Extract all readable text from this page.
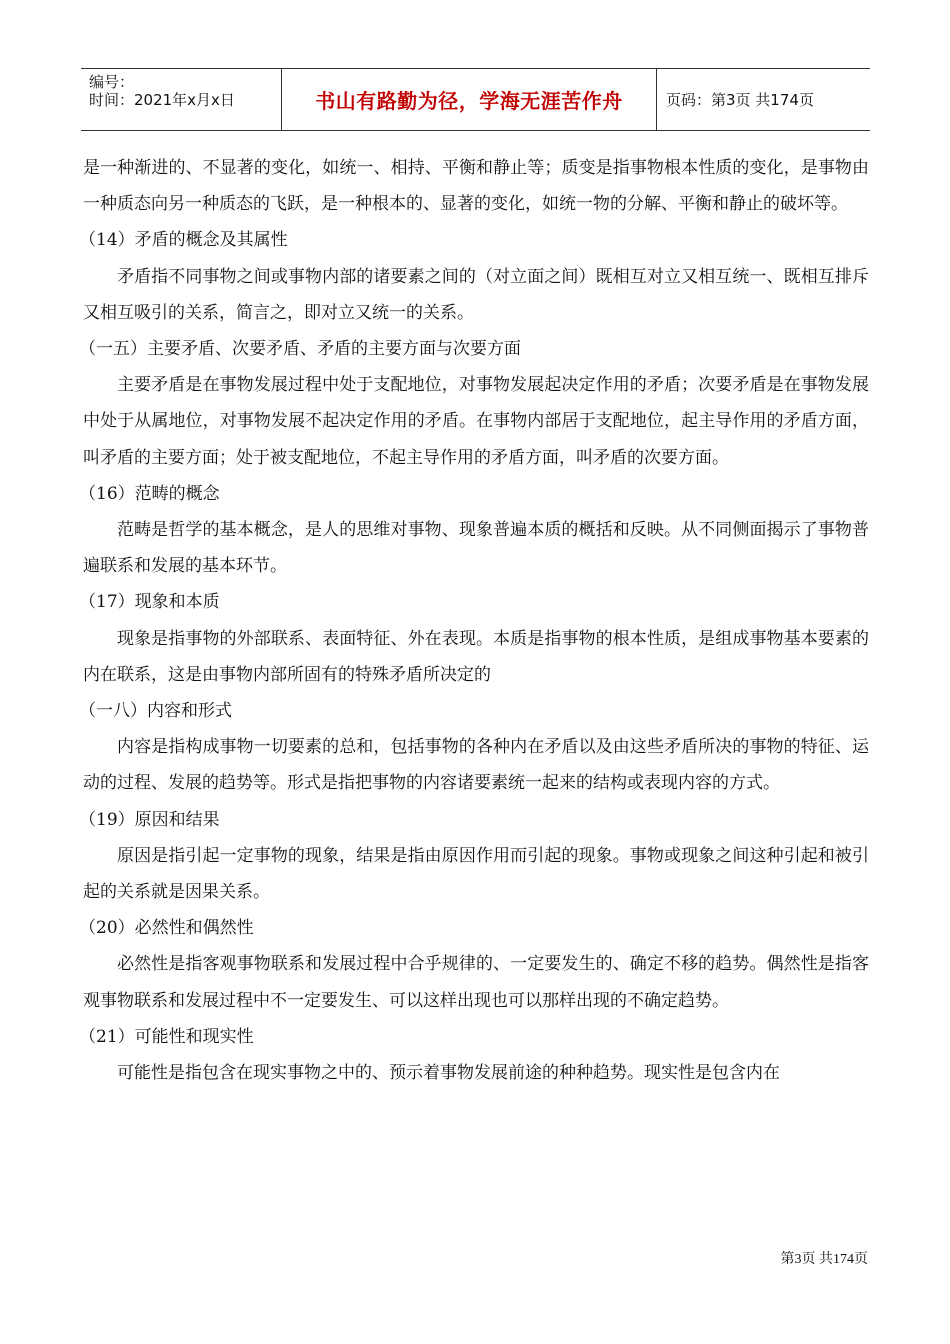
编号：
时间：2021年x月x日	书山有路勤为径，学海无涯苦作舟	页码：第3页 共174页

是一种渐进的、不显著的变化，如统一、相持、平衡和静止等；质变是指事物根本性质的变化，是事物由一种质态向另一种质态的飞跃，是一种根本的、显著的变化，如统一物的分解、平衡和静止的破坏等。

（14）矛盾的概念及其属性

矛盾指不同事物之间或事物内部的诸要素之间的（对立面之间）既相互对立又相互统一、既相互排斥又相互吸引的关系，简言之，即对立又统一的关系。

（一五）主要矛盾、次要矛盾、矛盾的主要方面与次要方面

主要矛盾是在事物发展过程中处于支配地位，对事物发展起决定作用的矛盾；次要矛盾是在事物发展中处于从属地位，对事物发展不起决定作用的矛盾。在事物内部居于支配地位，起主导作用的矛盾方面，叫矛盾的主要方面；处于被支配地位，不起主导作用的矛盾方面，叫矛盾的次要方面。

（16）范畴的概念

范畴是哲学的基本概念，是人的思维对事物、现象普遍本质的概括和反映。从不同侧面揭示了事物普遍联系和发展的基本环节。

（17）现象和本质

现象是指事物的外部联系、表面特征、外在表现。本质是指事物的根本性质，是组成事物基本要素的内在联系，这是由事物内部所固有的特殊矛盾所决定的

（一八）内容和形式

内容是指构成事物一切要素的总和，包括事物的各种内在矛盾以及由这些矛盾所决的事物的特征、运动的过程、发展的趋势等。形式是指把事物的内容诸要素统一起来的结构或表现内容的方式。

（19）原因和结果

原因是指引起一定事物的现象，结果是指由原因作用而引起的现象。事物或现象之间这种引起和被引起的关系就是因果关系。

（20）必然性和偶然性

必然性是指客观事物联系和发展过程中合乎规律的、一定要发生的、确定不移的趋势。偶然性是指客观事物联系和发展过程中不一定要发生、可以这样出现也可以那样出现的不确定趋势。

（21）可能性和现实性

可能性是指包含在现实事物之中的、预示着事物发展前途的种种趋势。现实性是包含内在

第3页 共174页
